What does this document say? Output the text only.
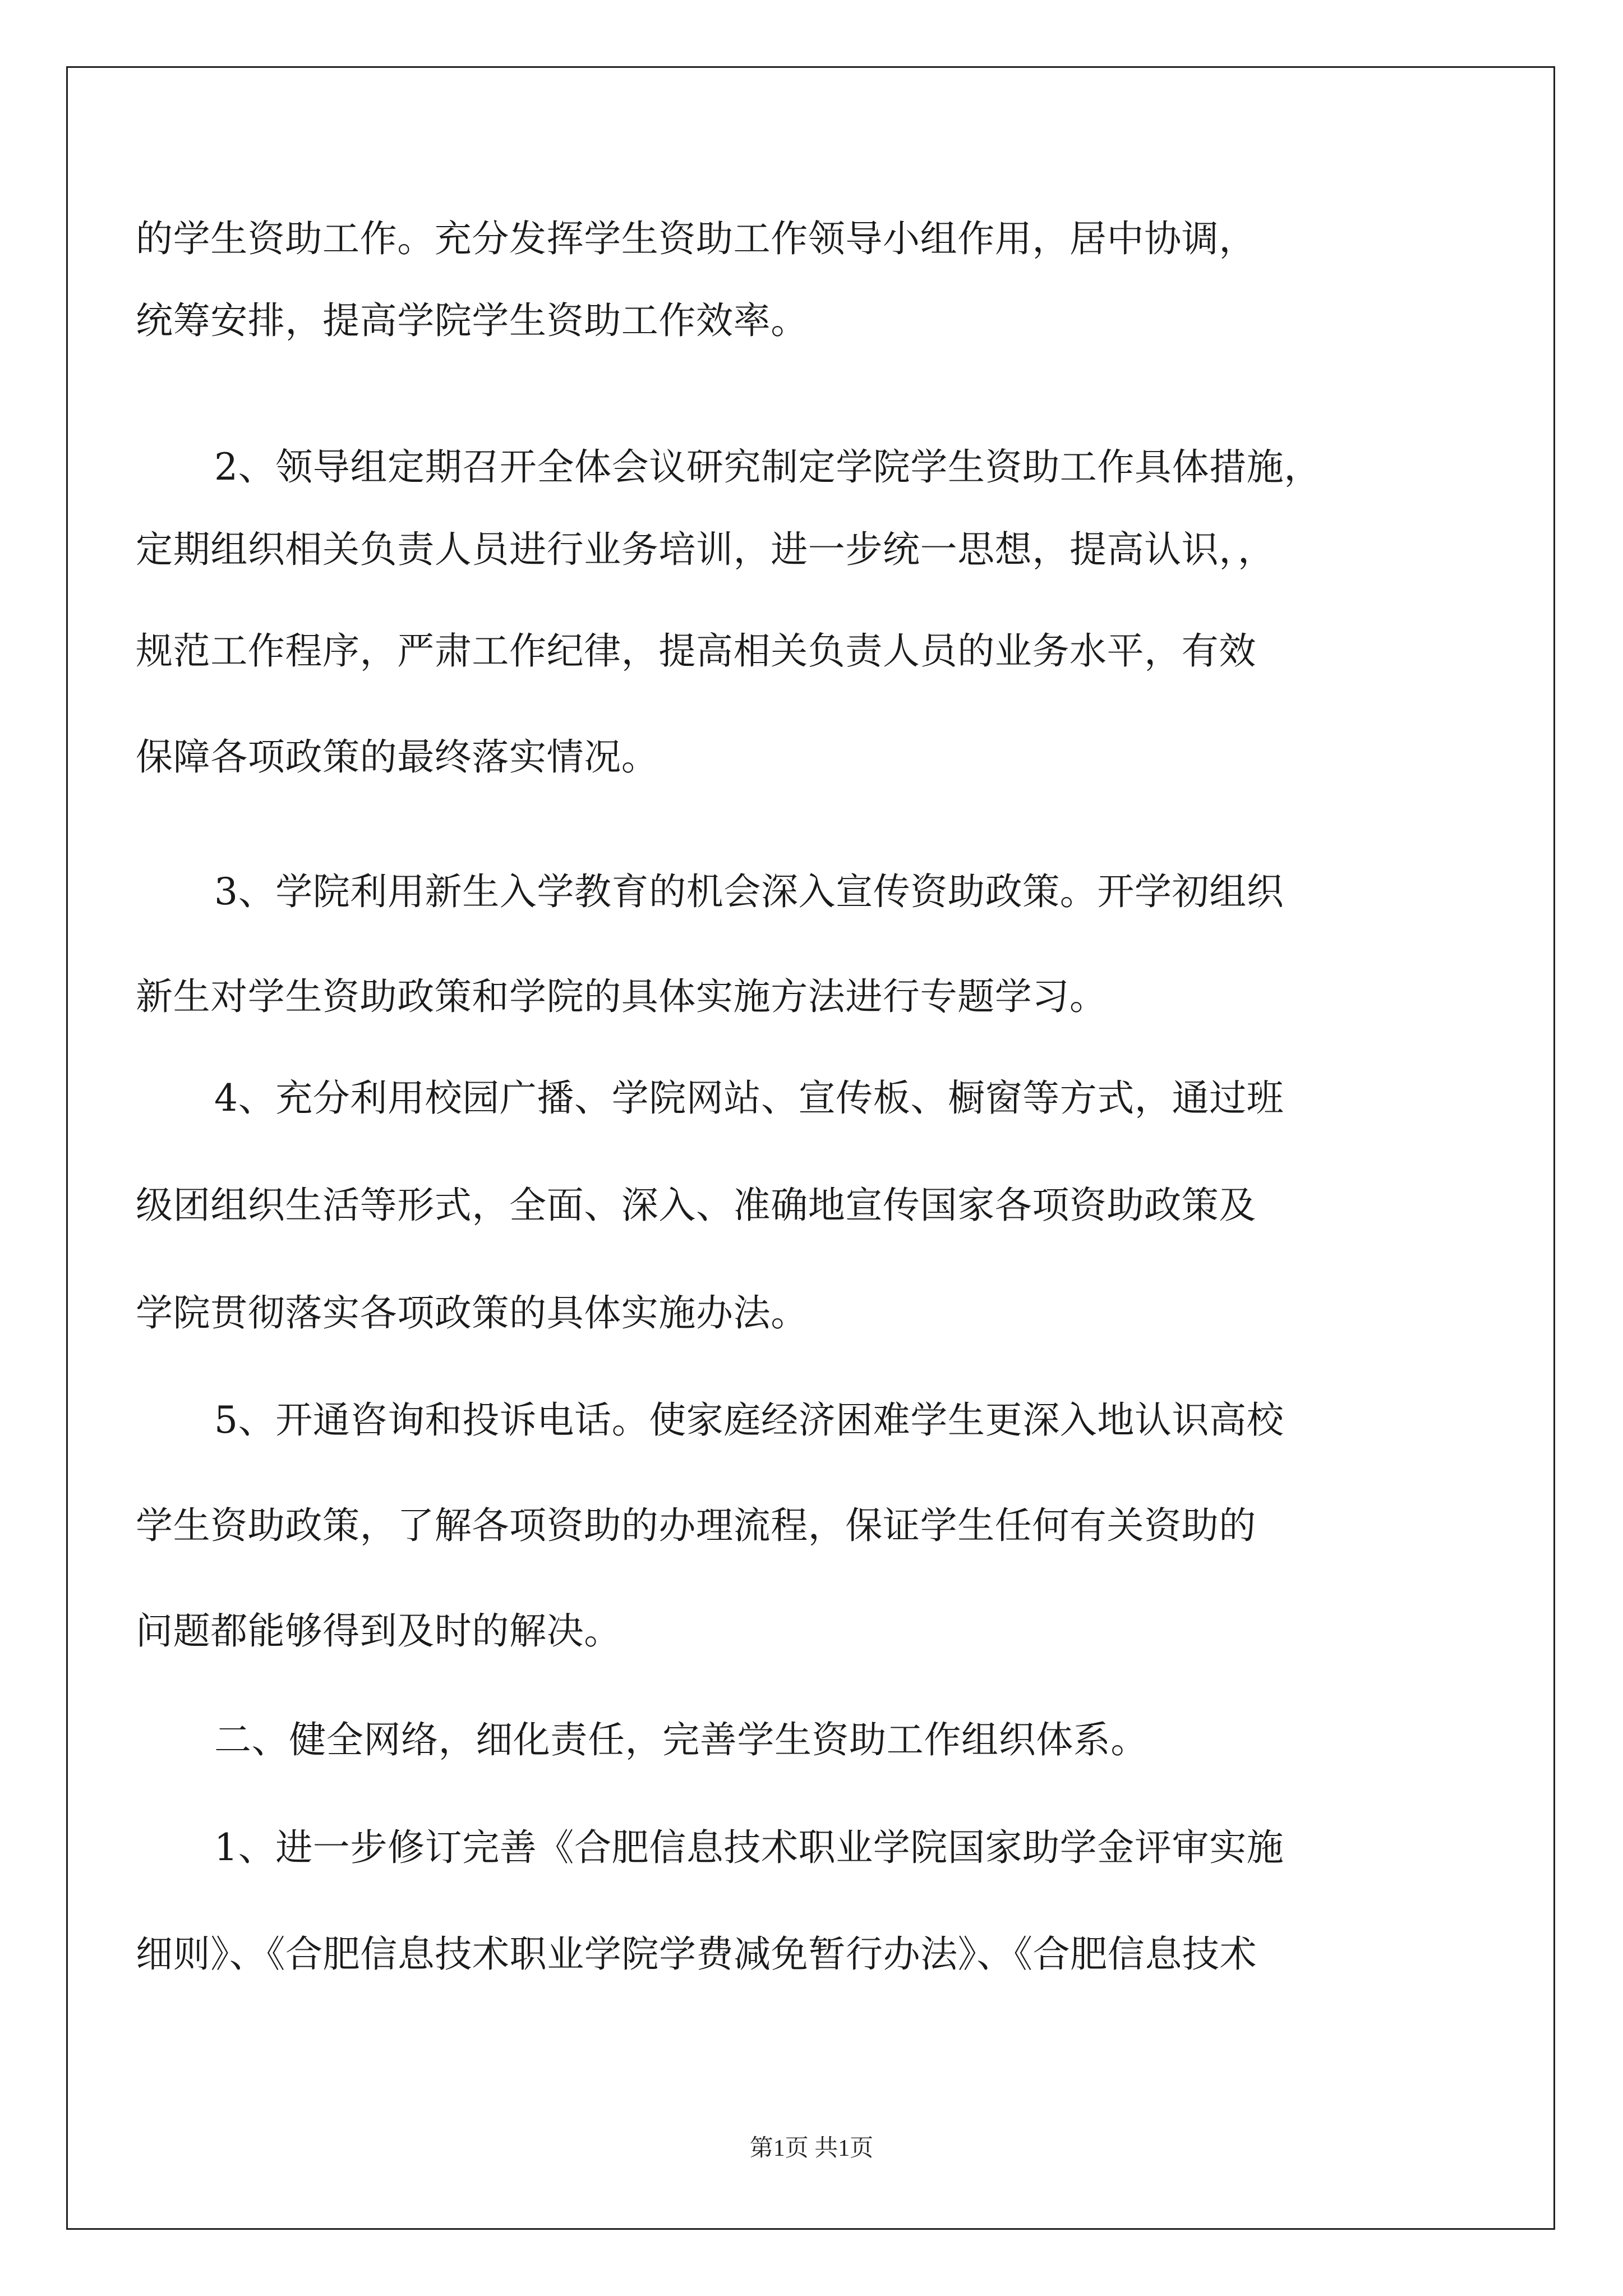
的学生资助工作。充分发挥学生资助工作领导小组作用，居中协调，
统筹安排，提高学院学生资助工作效率。
2、领导组定期召开全体会议研究制定学院学生资助工作具体措施，
定期组织相关负责人员进行业务培训，进一步统一思想，提高认识，，
规范工作程序，严肃工作纪律，提高相关负责人员的业务水平，有效
保障各项政策的最终落实情况。
3、学院利用新生入学教育的机会深入宣传资助政策。开学初组织
新生对学生资助政策和学院的具体实施方法进行专题学习。
4、充分利用校园广播、学院网站、宣传板、橱窗等方式，通过班
级团组织生活等形式，全面、深入、准确地宣传国家各项资助政策及
学院贯彻落实各项政策的具体实施办法。
5、开通咨询和投诉电话。使家庭经济困难学生更深入地认识高校
学生资助政策，了解各项资助的办理流程，保证学生任何有关资助的
问题都能够得到及时的解决。
二、健全网络，细化责任，完善学生资助工作组织体系。
1、进一步修订完善《合肥信息技术职业学院国家助学金评审实施
细则》、《合肥信息技术职业学院学费减免暂行办法》、《合肥信息技术
第1页 共1页
